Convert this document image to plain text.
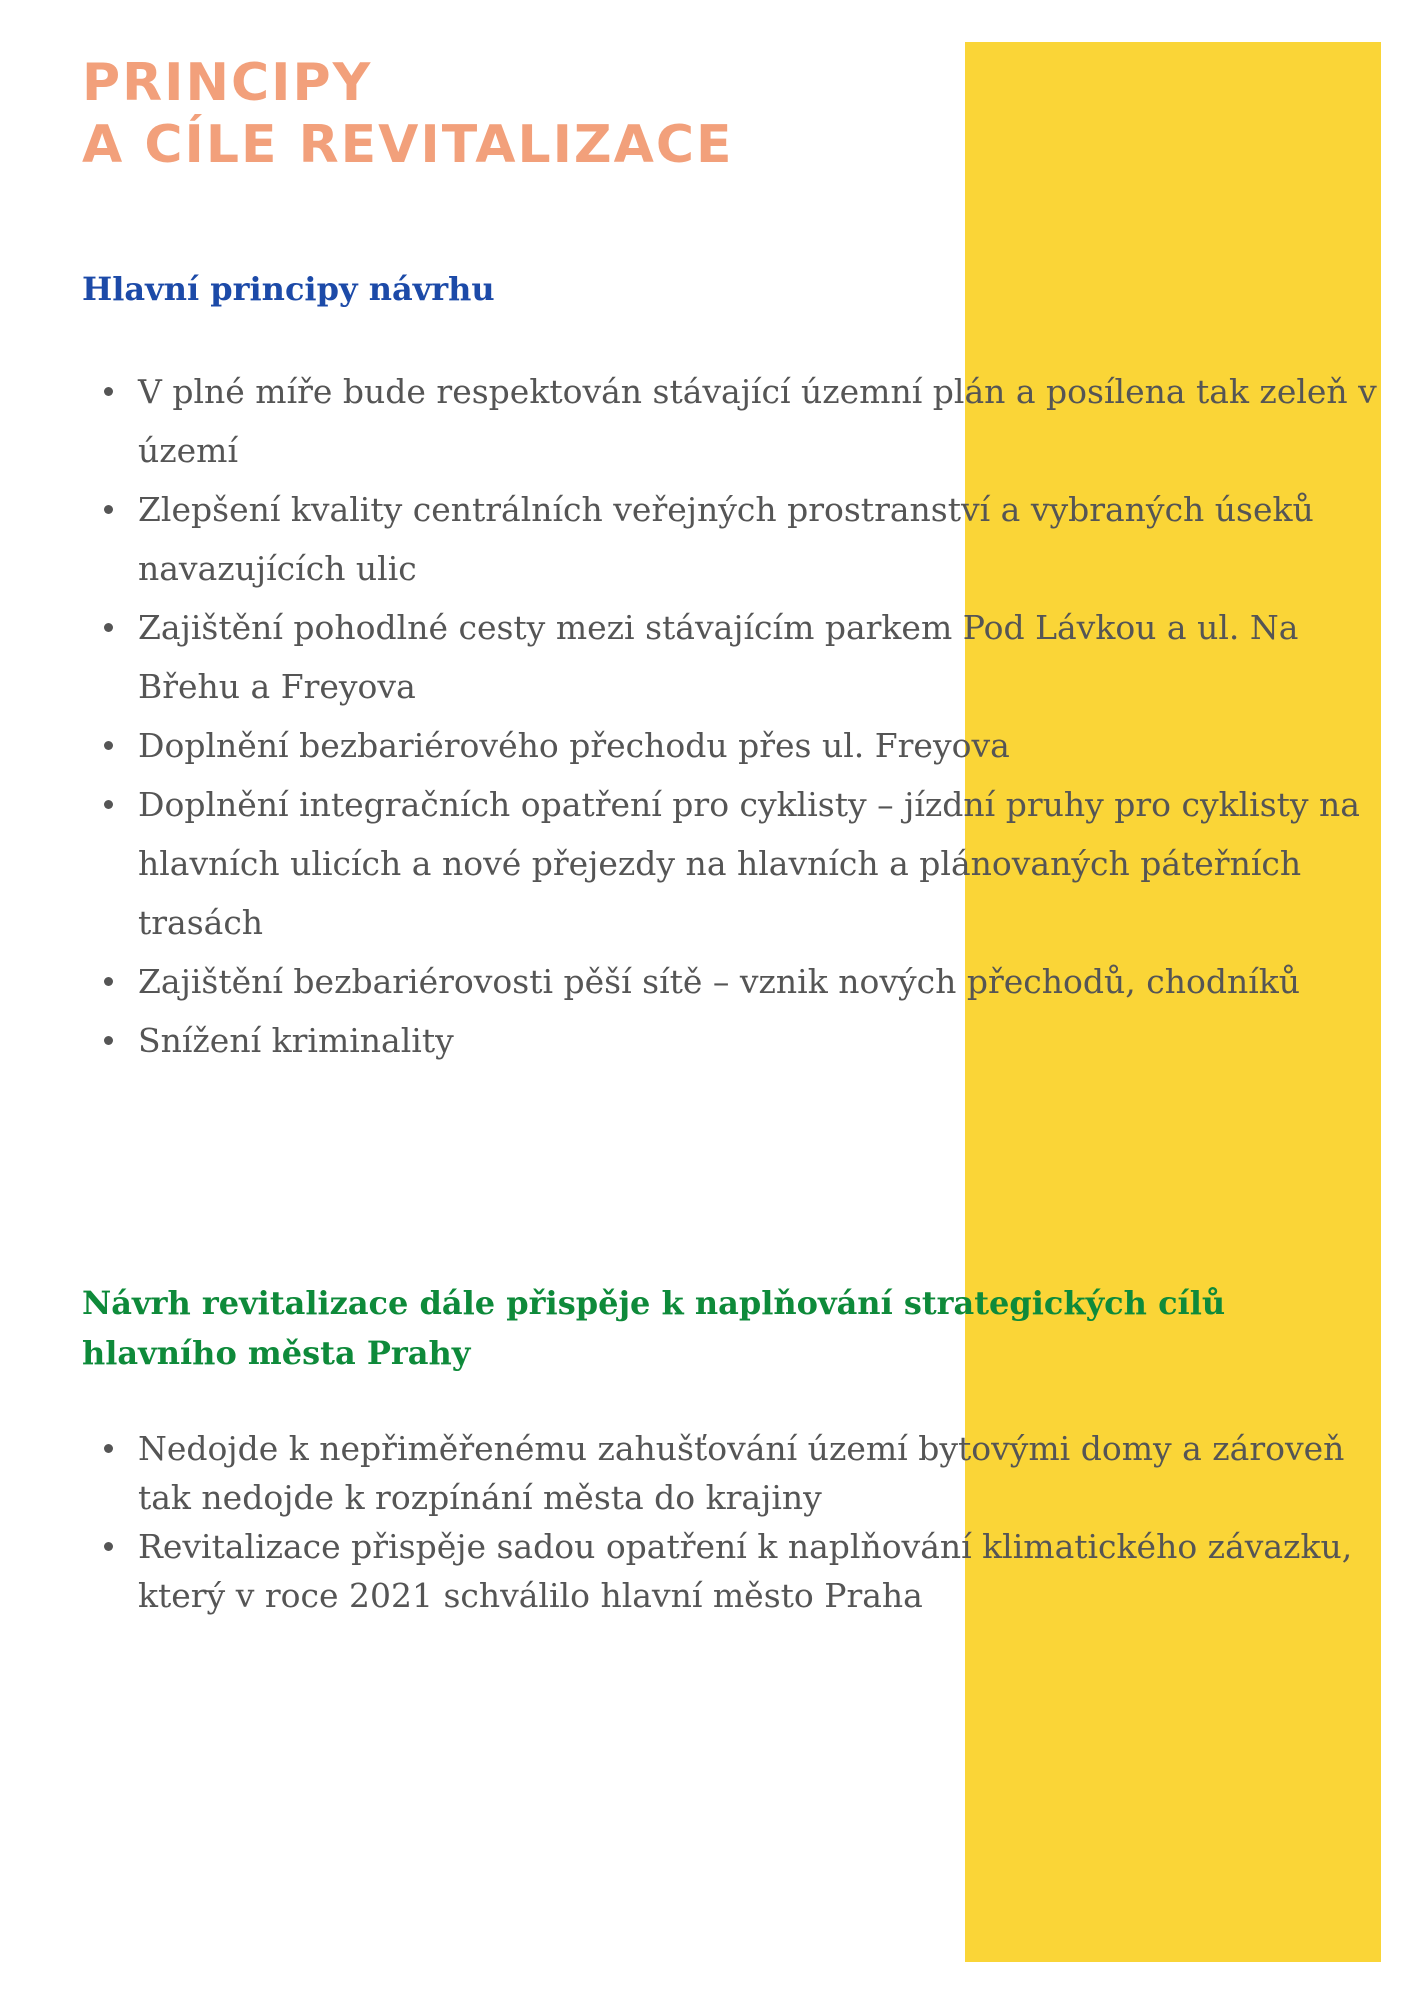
PRINCIPY
A CÍLE REVITALIZACE
Hlavní principy návrhu
V plné míře bude respektován stávající územní plán a posílena tak zeleň v území
Zlepšení kvality centrálních veřejných prostranství a vybraných úseků navazujících ulic
Zajištění pohodlné cesty mezi stávajícím parkem Pod Lávkou a ul. Na Břehu a Freyova
Doplnění bezbariérového přechodu přes ul. Freyova
Doplnění integračních opatření pro cyklisty – jízdní pruhy pro cyklisty na hlavních ulicích a nové přejezdy na hlavních a plánovaných páteřních trasách
Zajištění bezbariérovosti pěší sítě – vznik nových přechodů, chodníků
Snížení kriminality
Návrh revitalizace dále přispěje k naplňování strategických cílů hlavního města Prahy
Nedojde k nepřiměřenému zahušťování území bytovými domy a zároveň tak nedojde k rozpínání města do krajiny
Revitalizace přispěje sadou opatření k naplňování klimatického závazku, který v roce 2021 schválilo hlavní město Praha
